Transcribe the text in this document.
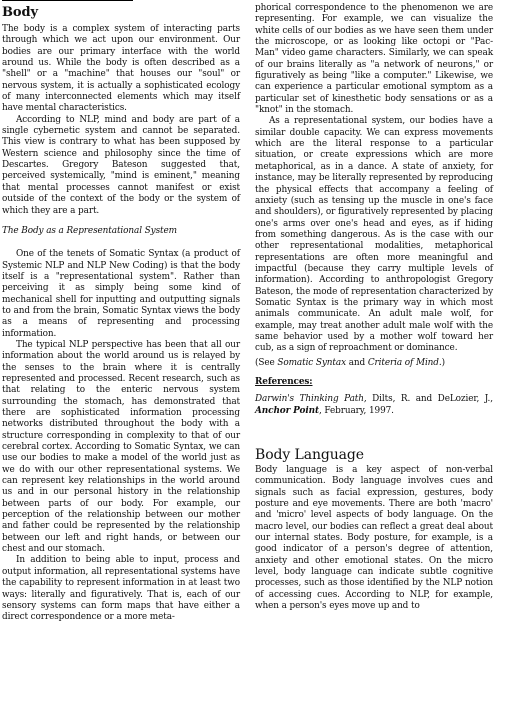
Body

The body is a complex system of interacting parts through which we act upon our environment. Our bodies are our primary interface with the world around us. While the body is often described as a "shell" or a "machine" that houses our "soul" or nervous system, it is actually a sophisticated ecology of many interconnected elements which may itself have mental characteristics.

According to NLP, mind and body are part of a single cybernetic system and cannot be separated. This view is contrary to what has been supposed by Western science and philosophy since the time of Descartes. Gregory Bateson suggested that, perceived systemically, "mind is eminent," meaning that mental processes cannot manifest or exist outside of the context of the body or the system of which they are a part.

The Body as a Representational System

One of the tenets of Somatic Syntax (a product of Systemic NLP and NLP New Coding) is that the body itself is a "representational system". Rather than perceiving it as simply being some kind of mechanical shell for inputting and outputting signals to and from the brain, Somatic Syntax views the body as a means of representing and processing information.

The typical NLP perspective has been that all our information about the world around us is relayed by the senses to the brain where it is centrally represented and processed. Recent research, such as that relating to the enteric nervous system surrounding the stomach, has demonstrated that there are sophisticated information processing networks distributed throughout the body with a structure corresponding in complexity to that of our cerebral cortex. According to Somatic Syntax, we can use our bodies to make a model of the world just as we do with our other representational systems. We can represent key relationships in the world around us and in our personal history in the relationship between parts of our body. For example, our perception of the relationship between our mother and father could be represented by the relationship between our left and right hands, or between our chest and our stomach.

In addition to being able to input, process and output information, all representational systems have the capability to represent information in at least two ways: literally and figuratively. That is, each of our sensory systems can form maps that have either a direct correspondence or a more meta-

phorical correspondence to the phenomenon we are representing. For example, we can visualize the white cells of our bodies as we have seen them under the microscope, or as looking like octopi or "Pac-Man" video game characters. Similarly, we can speak of our brains literally as "a network of neurons," or figuratively as being "like a computer." Likewise, we can experience a particular emotional symptom as a particular set of kinesthetic body sensations or as a "knot" in the stomach.

As a representational system, our bodies have a similar double capacity. We can express movements which are the literal response to a particular situation, or create expressions which are more metaphorical, as in a dance. A state of anxiety, for instance, may be literally represented by reproducing the physical effects that accompany a feeling of anxiety (such as tensing up the muscle in one's face and shoulders), or figuratively represented by placing one's arms over one's head and eyes, as if hiding from something dangerous. As is the case with our other representational modalities, metaphorical representations are often more meaningful and impactful (because they carry multiple levels of information). According to anthropologist Gregory Bateson, the mode of representation characterized by Somatic Syntax is the primary way in which most animals communicate. An adult male wolf, for example, may treat another adult male wolf with the same behavior used by a mother wolf toward her cub, as a sign of reproachment or dominance.

(See Somatic Syntax and Criteria of Mind.)

References:

Darwin's Thinking Path, Dilts, R. and DeLozier, J., Anchor Point, February, 1997.

Body Language

Body language is a key aspect of non-verbal communication. Body language involves cues and signals such as facial expression, gestures, body posture and eye movements. There are both 'macro' and 'micro' level aspects of body language. On the macro level, our bodies can reflect a great deal about our internal states. Body posture, for example, is a good indicator of a person's degree of attention, anxiety and other emotional states. On the micro level, body language can indicate subtle cognitive processes, such as those identified by the NLP notion of accessing cues. According to NLP, for example, when a person's eyes move up and to
